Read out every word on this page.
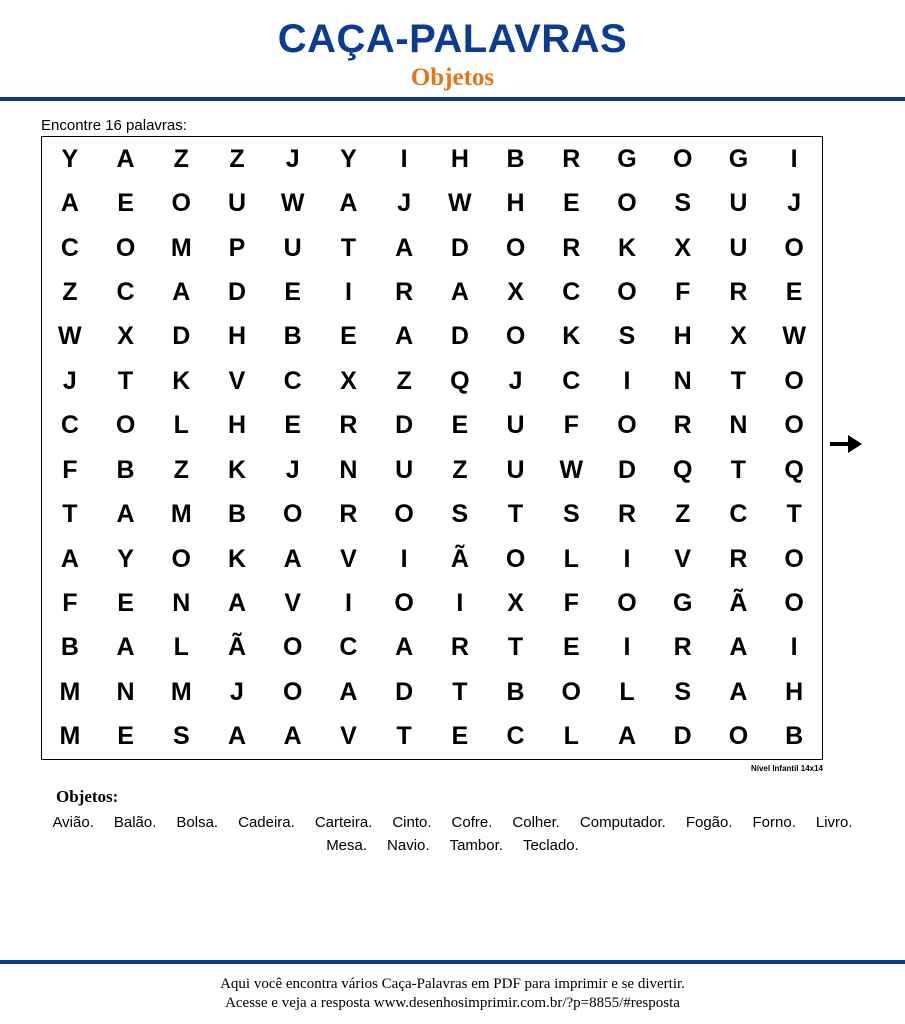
CAÇA-PALAVRAS
Objetos
Encontre 16 palavras:
Y	A	Z	Z	J	Y	I	H	B	R	G	O	G	I
A	E	O	U	W	A	J	W	H	E	O	S	U	J
C	O	M	P	U	T	A	D	O	R	K	X	U	O
Z	C	A	D	E	I	R	A	X	C	O	F	R	E
W	X	D	H	B	E	A	D	O	K	S	H	X	W
J	T	K	V	C	X	Z	Q	J	C	I	N	T	O
C	O	L	H	E	R	D	E	U	F	O	R	N	O
F	B	Z	K	J	N	U	Z	U	W	D	Q	T	Q
T	A	M	B	O	R	O	S	T	S	R	Z	C	T
A	Y	O	K	A	V	I	Ã	O	L	I	V	R	O
F	E	N	A	V	I	O	I	X	F	O	G	Ã	O
B	A	L	Ã	O	C	A	R	T	E	I	R	A	I
M	N	M	J	O	A	D	T	B	O	L	S	A	H
M	E	S	A	A	V	T	E	C	L	A	D	O	B
Nível Infantil 14x14
Objetos:
Avião. Balão. Bolsa. Cadeira. Carteira. Cinto. Cofre. Colher. Computador. Fogão. Forno. Livro.
Mesa. Navio. Tambor. Teclado.
Aqui você encontra vários Caça-Palavras em PDF para imprimir e se divertir.
Acesse e veja a resposta www.desenhosimprimir.com.br/?p=8855/#resposta
